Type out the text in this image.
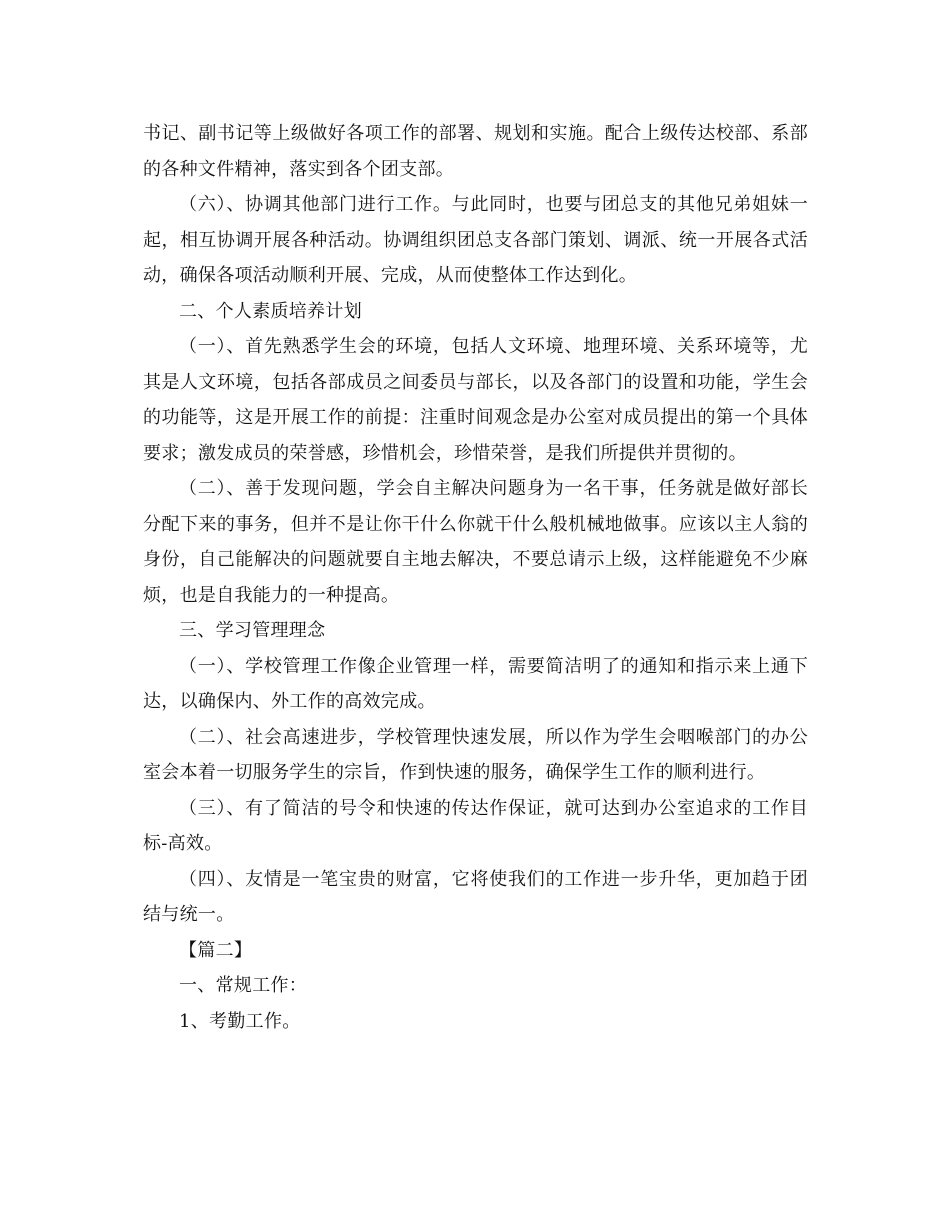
书记、副书记等上级做好各项工作的部署、规划和实施。配合上级传达校部、系部的各种文件精神，落实到各个团支部。

（六）、协调其他部门进行工作。与此同时，也要与团总支的其他兄弟姐妹一起，相互协调开展各种活动。协调组织团总支各部门策划、调派、统一开展各式活动，确保各项活动顺利开展、完成，从而使整体工作达到化。

二、个人素质培养计划

（一）、首先熟悉学生会的环境，包括人文环境、地理环境、关系环境等，尤其是人文环境，包括各部成员之间委员与部长，以及各部门的设置和功能，学生会的功能等，这是开展工作的前提：注重时间观念是办公室对成员提出的第一个具体要求；激发成员的荣誉感，珍惜机会，珍惜荣誉，是我们所提供并贯彻的。

（二）、善于发现问题，学会自主解决问题身为一名干事，任务就是做好部长分配下来的事务，但并不是让你干什么你就干什么般机械地做事。应该以主人翁的身份，自己能解决的问题就要自主地去解决，不要总请示上级，这样能避免不少麻烦，也是自我能力的一种提高。

三、学习管理理念

（一）、学校管理工作像企业管理一样，需要简洁明了的通知和指示来上通下达，以确保内、外工作的高效完成。

（二）、社会高速进步，学校管理快速发展，所以作为学生会咽喉部门的办公室会本着一切服务学生的宗旨，作到快速的服务，确保学生工作的顺利进行。

（三）、有了简洁的号令和快速的传达作保证，就可达到办公室追求的工作目标-高效。

（四）、友情是一笔宝贵的财富，它将使我们的工作进一步升华，更加趋于团结与统一。

【篇二】

一、常规工作：

1、考勤工作。
